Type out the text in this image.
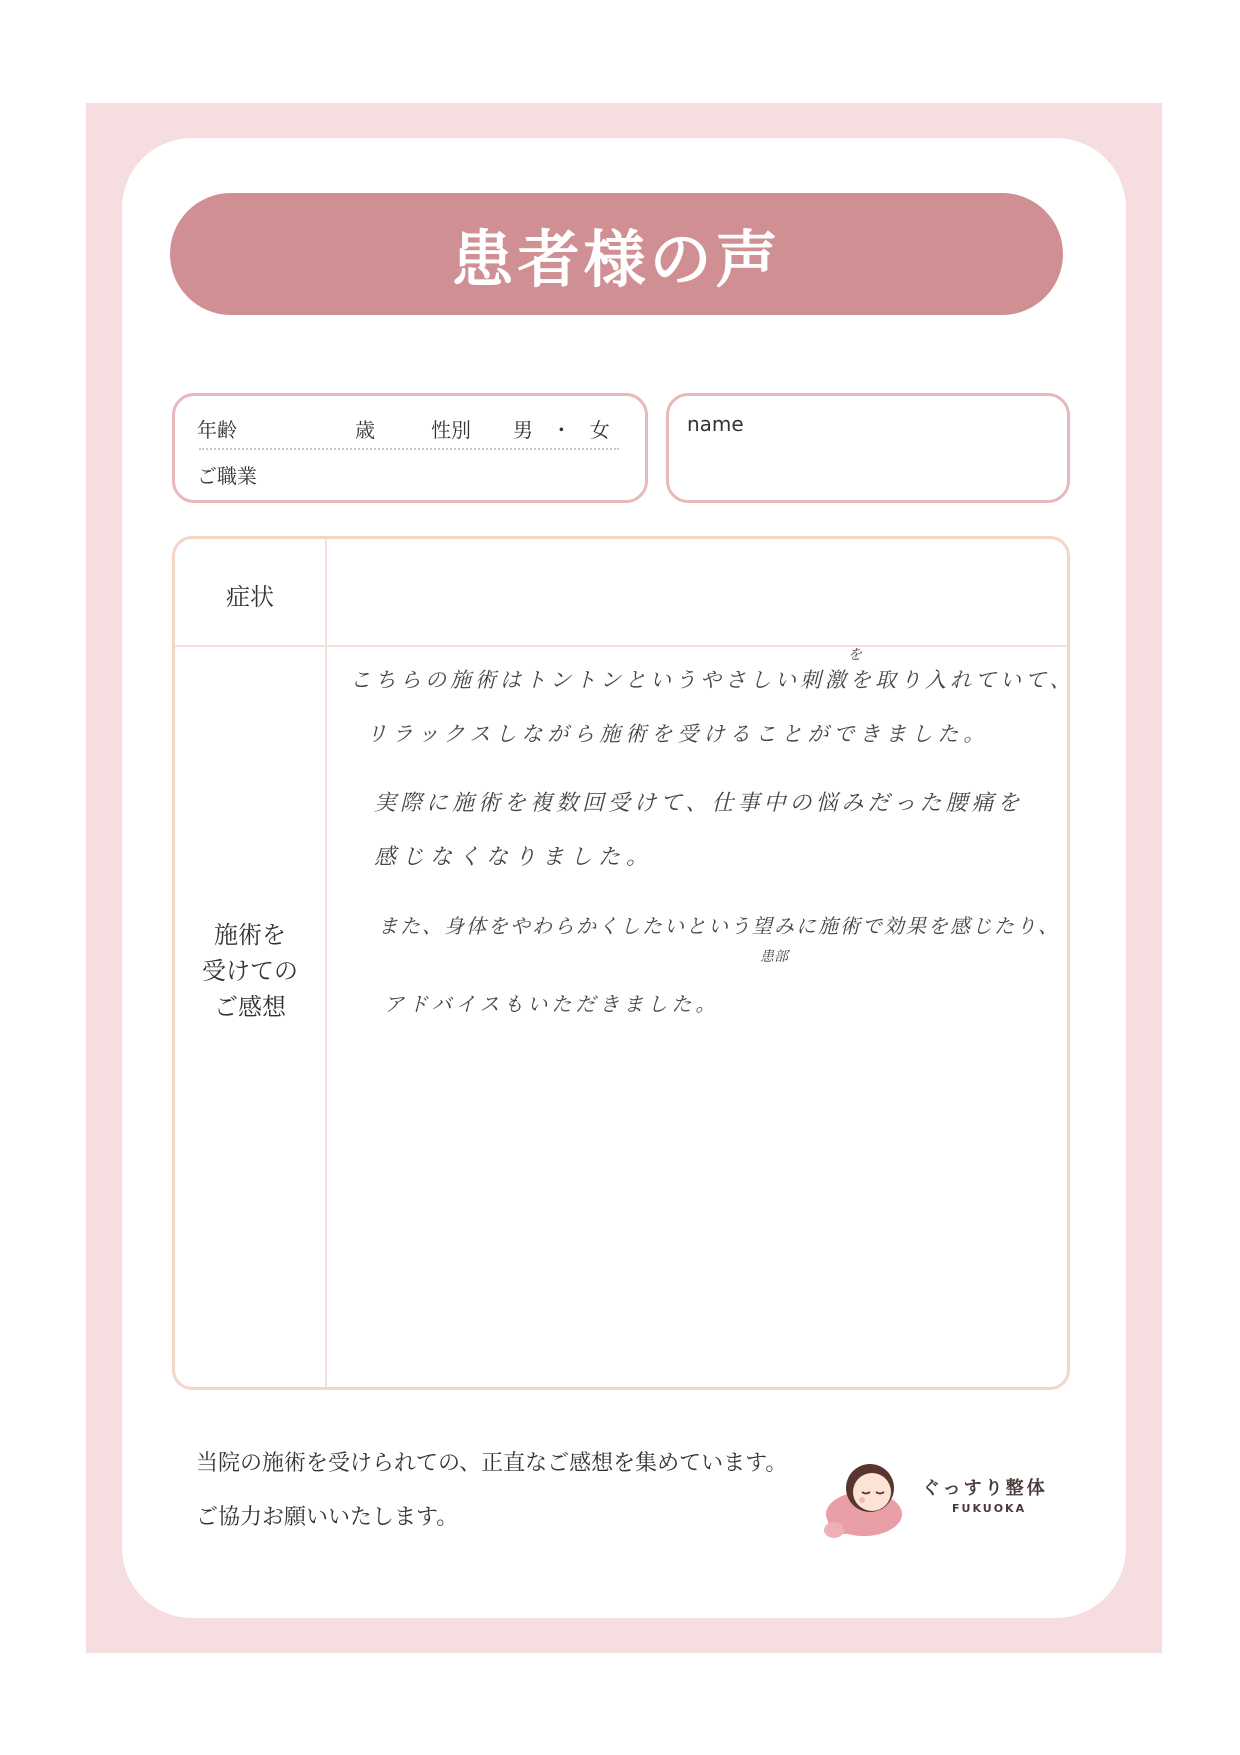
患者様の声
年齢	歳	性別 男 ・ 女
ご職業
name
症状
施術を
受けての
ご感想
を
こちらの施術はトントンというやさしい刺激を取り入れていて、
リラックスしながら施術を受けることができました。
実際に施術を複数回受けて、仕事中の悩みだった腰痛を
感じなくなりました。
また、身体をやわらかくしたいという望みに施術で効果を感じたり、
患部
アドバイスもいただきました。
当院の施術を受けられての、正直なご感想を集めています。
ご協力お願いいたします。
ぐっすり整体
FUKUOKA
